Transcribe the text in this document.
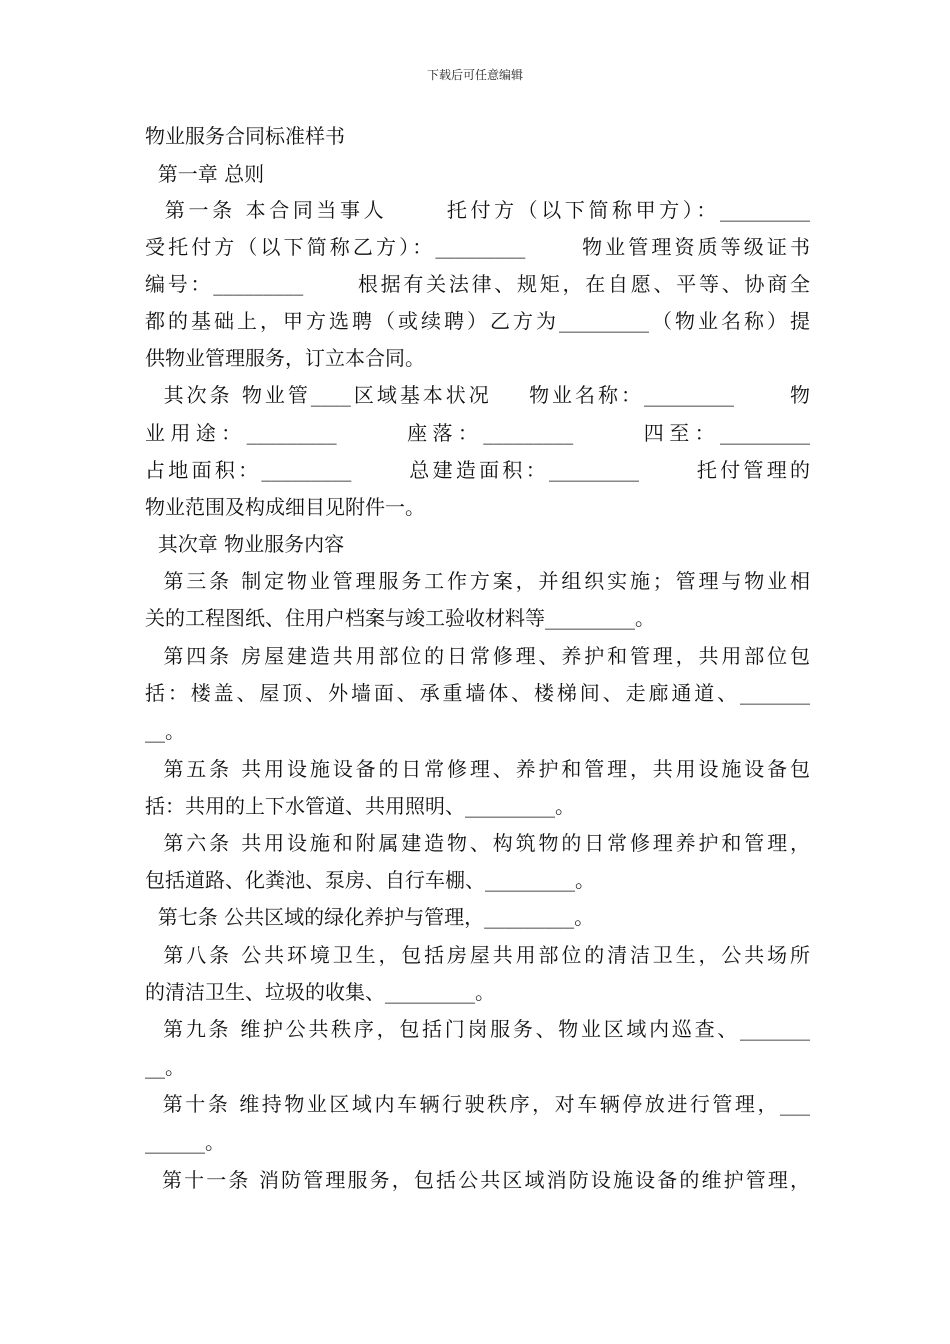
下载后可任意编辑
物业服务合同标准样书
第一章 总则
第一条 本合同当事人      托付方（以下简称甲方）：_________
受托付方（以下简称乙方）：_________      物业管理资质等级证书
编号：_________      根据有关法律、规矩，在自愿、平等、协商全
都的基础上，甲方选聘（或续聘）乙方为_________（物业名称）提
供物业管理服务，订立本合同。
其次条 物业管____区域基本状况    物业名称：_________      物
业用途：_________      座落：_________      四至：_________
占地面积：_________      总建造面积：_________      托付管理的
物业范围及构成细目见附件一。
其次章 物业服务内容
第三条 制定物业管理服务工作方案，并组织实施；管理与物业相
关的工程图纸、住用户档案与竣工验收材料等_________。
第四条 房屋建造共用部位的日常修理、养护和管理，共用部位包
括：楼盖、屋顶、外墙面、承重墙体、楼梯间、走廊通道、_______
__。
第五条 共用设施设备的日常修理、养护和管理，共用设施设备包
括：共用的上下水管道、共用照明、_________。
第六条 共用设施和附属建造物、构筑物的日常修理养护和管理，
包括道路、化粪池、泵房、自行车棚、_________。
第七条 公共区域的绿化养护与管理，_________。
第八条 公共环境卫生，包括房屋共用部位的清洁卫生，公共场所
的清洁卫生、垃圾的收集、_________。
第九条 维护公共秩序，包括门岗服务、物业区域内巡查、_______
__。
第十条 维持物业区域内车辆行驶秩序，对车辆停放进行管理，___
______。
第十一条 消防管理服务，包括公共区域消防设施设备的维护管理，
